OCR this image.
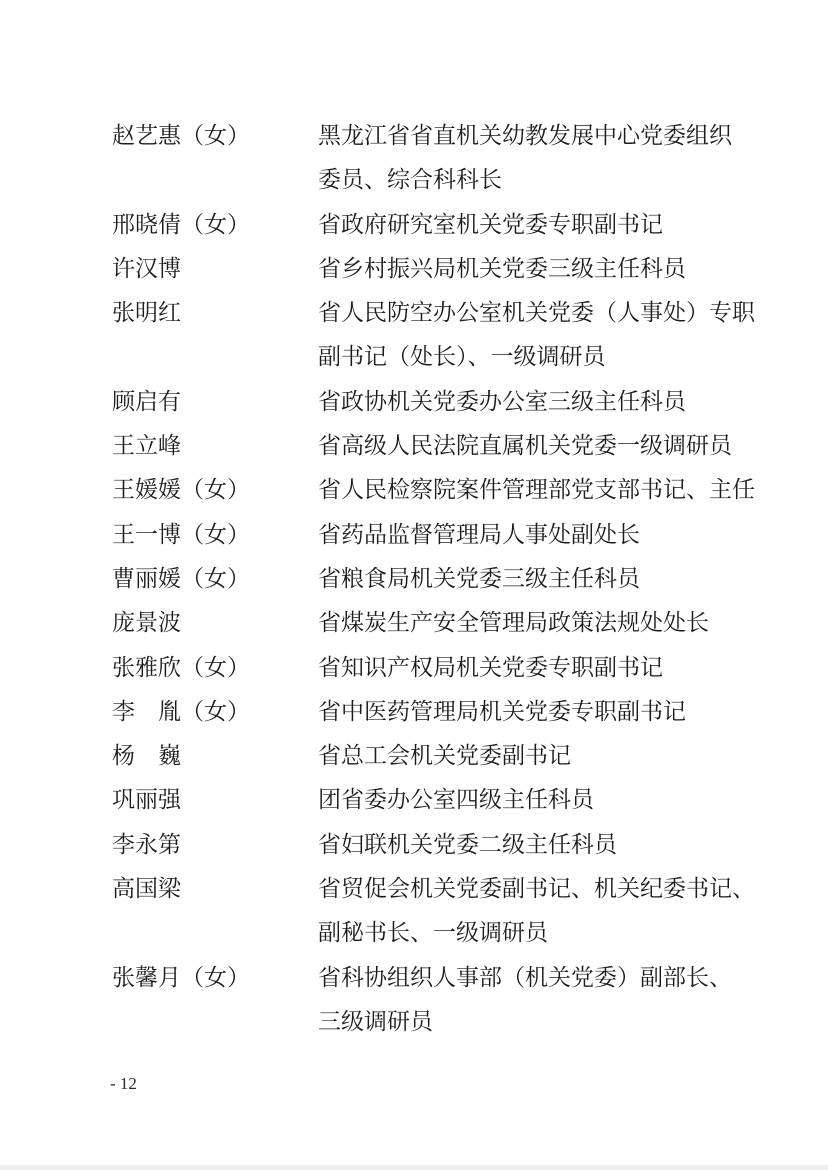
赵艺惠（女）	黑龙江省省直机关幼教发展中心党委组织
委员、综合科科长
邢晓倩（女）	省政府研究室机关党委专职副书记
许汉博	省乡村振兴局机关党委三级主任科员
张明红	省人民防空办公室机关党委（人事处）专职
副书记（处长）、一级调研员
顾启有	省政协机关党委办公室三级主任科员
王立峰	省高级人民法院直属机关党委一级调研员
王媛媛（女）	省人民检察院案件管理部党支部书记、主任
王一博（女）	省药品监督管理局人事处副处长
曹丽媛（女）	省粮食局机关党委三级主任科员
庞景波	省煤炭生产安全管理局政策法规处处长
张雅欣（女）	省知识产权局机关党委专职副书记
李　胤（女）	省中医药管理局机关党委专职副书记
杨　巍	省总工会机关党委副书记
巩丽强	团省委办公室四级主任科员
李永第	省妇联机关党委二级主任科员
高国梁	省贸促会机关党委副书记、机关纪委书记、
副秘书长、一级调研员
张馨月（女）	省科协组织人事部（机关党委）副部长、
三级调研员
- 12
